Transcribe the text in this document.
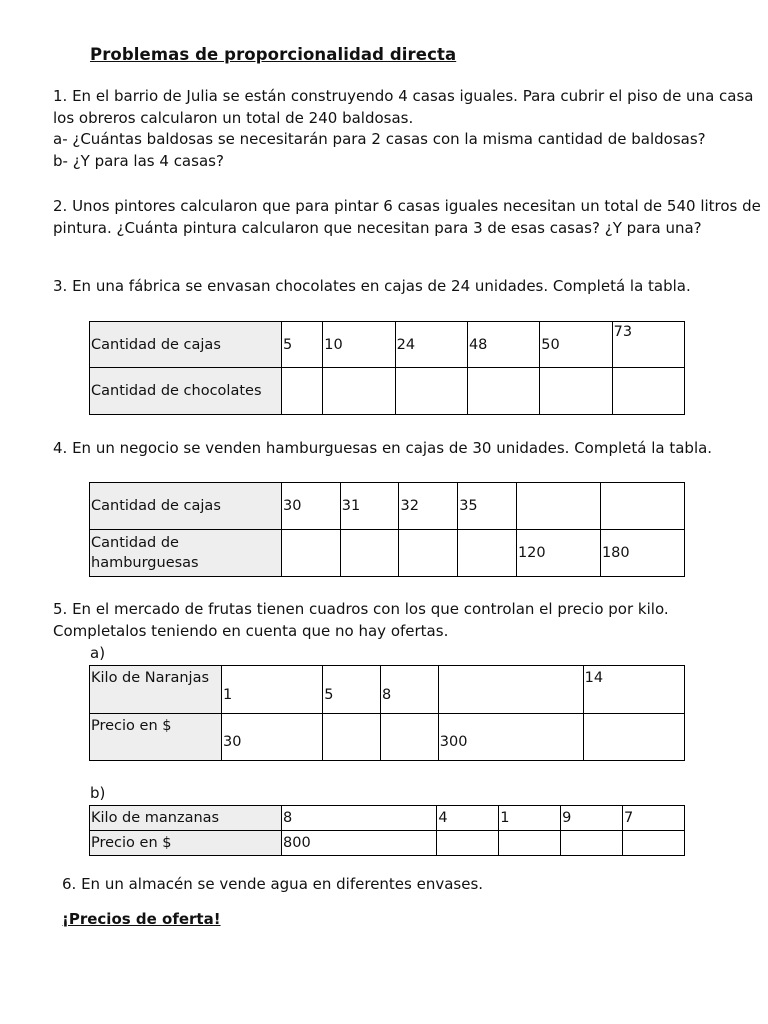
Problemas de proporcionalidad directa
1. En el barrio de Julia se están construyendo 4 casas iguales. Para cubrir el piso de una casa
los obreros calcularon un total de 240 baldosas.
a- ¿Cuántas baldosas se necesitarán para 2 casas con la misma cantidad de baldosas?
b- ¿Y para las 4 casas?
2. Unos pintores calcularon que para pintar 6 casas iguales necesitan un total de 540 litros de
pintura. ¿Cuánta pintura calcularon que necesitan para 3 de esas casas? ¿Y para una?
3. En una fábrica se envasan chocolates en cajas de 24 unidades. Completá la tabla.
Cantidad de cajas	5	10	24	48	50	73
Cantidad de chocolates						
4. En un negocio se venden hamburguesas en cajas de 30 unidades. Completá la tabla.
Cantidad de cajas	30	31	32	35		

Cantidad de
hamburguesas					120	180
5. En el mercado de frutas tienen cuadros con los que controlan el precio por kilo.
Completalos teniendo en cuenta que no hay ofertas.
a)
Kilo de Naranjas	1	5	8		14
Precio en $	30			300	
b)
Kilo de manzanas	8	4	1	9	7
Precio en $	800				
6. En un almacén se vende agua en diferentes envases.
¡Precios de oferta!
